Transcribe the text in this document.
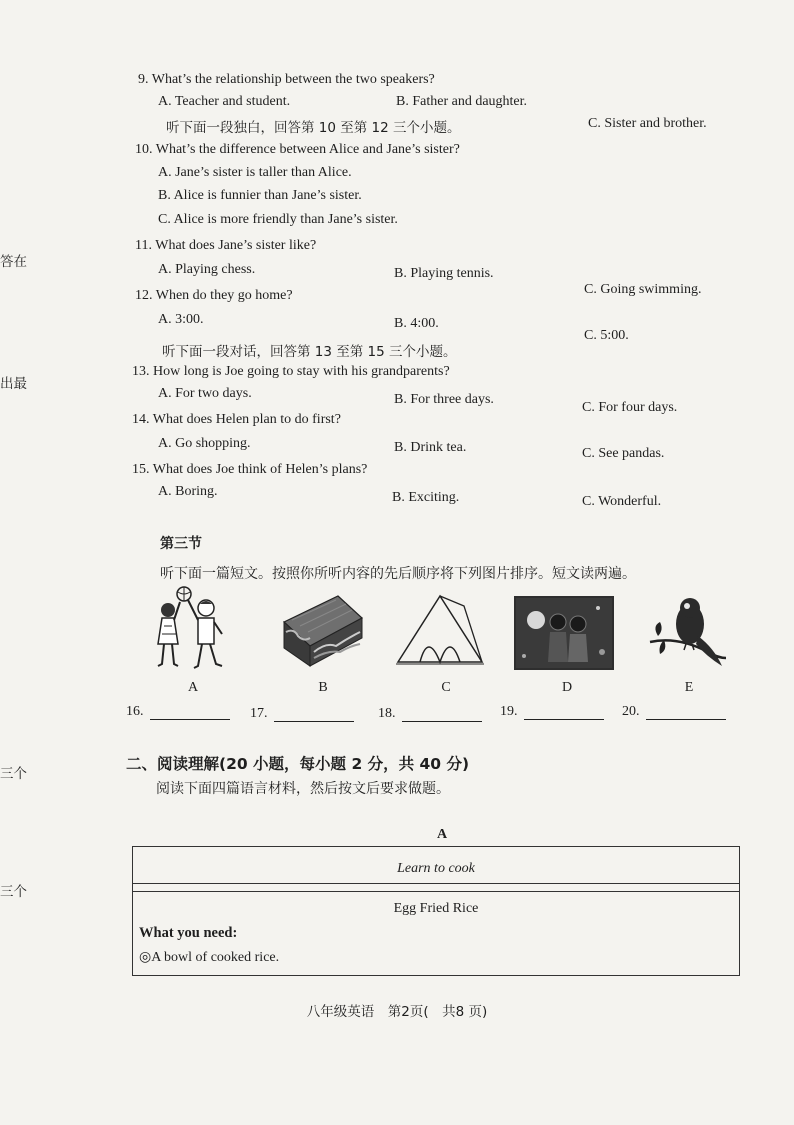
答在
出最
三个
三个
9. What’s the relationship between the two speakers?
A. Teacher and student.	B. Father and daughter.
C. Sister and brother.
听下面一段独白，回答第 10 至第 12 三个小题。
10. What’s the difference between Alice and Jane’s sister?
A. Jane’s sister is taller than Alice.
B. Alice is funnier than Jane’s sister.
C. Alice is more friendly than Jane’s sister.
11. What does Jane’s sister like?
A. Playing chess.	B. Playing tennis.
C. Going swimming.
12. When do they go home?
A. 3:00.	B. 4:00.
C. 5:00.
听下面一段对话，回答第 13 至第 15 三个小题。
13. How long is Joe going to stay with his grandparents?
A. For two days.	B. For three days.
C. For four days.
14. What does Helen plan to do first?
A. Go shopping.	B. Drink tea.	C. See pandas.
15. What does Joe think of Helen’s plans?
A. Boring.	B. Exciting.	C. Wonderful.
第三节
听下面一篇短文。按照你所听内容的先后顺序将下列图片排序。短文读两遍。
A	B	C	D	E
16.	17.	18.	19.	20.
二、阅读理解(20 小题，每小题 2 分，共 40 分)
阅读下面四篇语言材料，然后按文后要求做题。
A
Learn to cook
Egg Fried Rice
What you need:
◎A bowl of cooked rice.
八年级英语　第2页(　共8 页)
